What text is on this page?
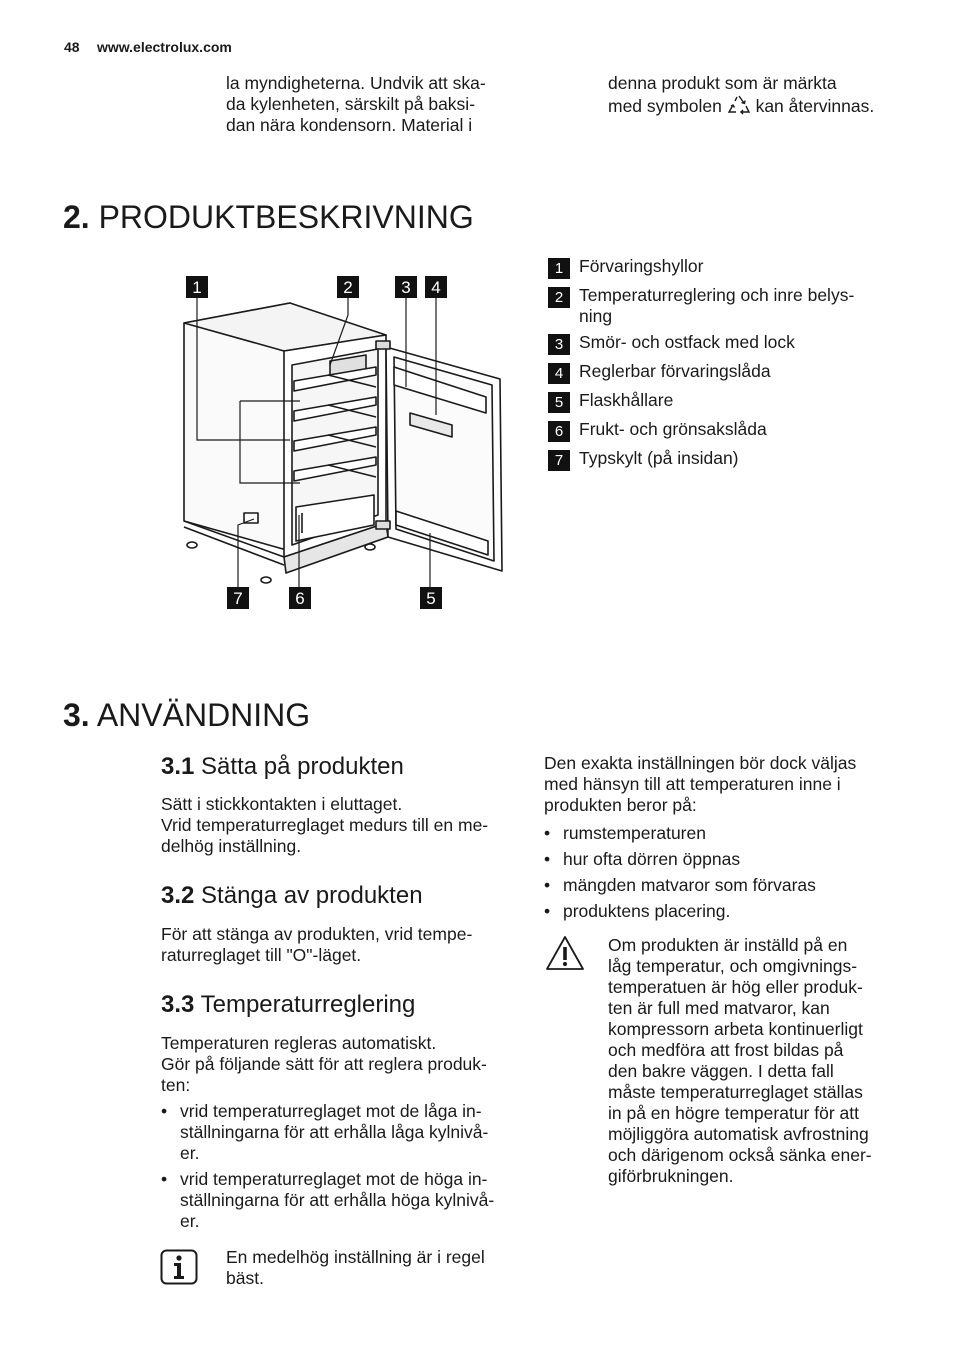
48 www.electrolux.com
la myndigheterna. Undvik att ska-
da kylenheten, särskilt på baksi-
dan nära kondensorn. Material i
denna produkt som är märkta
med symbolen kan återvinnas.
2. PRODUKTBESKRIVNING
1	2	3	4
5
6
7
1 Förvaringshyllor
2 Temperaturreglering och inre belys-
ning
3 Smör- och ostfack med lock
4 Reglerbar förvaringslåda
5 Flaskhållare
6 Frukt- och grönsakslåda
7 Typskylt (på insidan)
3. ANVÄNDNING
3.1 Sätta på produkten
Sätt i stickkontakten i eluttaget.
Vrid temperaturreglaget medurs till en me-
delhög inställning.
3.2 Stänga av produkten
För att stänga av produkten, vrid tempe-
raturreglaget till "O"-läget.
3.3 Temperaturreglering
Temperaturen regleras automatiskt.
Gör på följande sätt för att reglera produk-
ten:
• vrid temperaturreglaget mot de låga in-
ställningarna för att erhålla låga kylnivå-
er.
• vrid temperaturreglaget mot de höga in-
ställningarna för att erhålla höga kylnivå-
er.
En medelhög inställning är i regel
bäst.
Den exakta inställningen bör dock väljas
med hänsyn till att temperaturen inne i
produkten beror på:
• rumstemperaturen
• hur ofta dörren öppnas
• mängden matvaror som förvaras
• produktens placering.
Om produkten är inställd på en
låg temperatur, och omgivnings-
temperatuen är hög eller produk-
ten är full med matvaror, kan
kompressorn arbeta kontinuerligt
och medföra att frost bildas på
den bakre väggen. I detta fall
måste temperaturreglaget ställas
in på en högre temperatur för att
möjliggöra automatisk avfrostning
och därigenom också sänka ener-
giförbrukningen.
